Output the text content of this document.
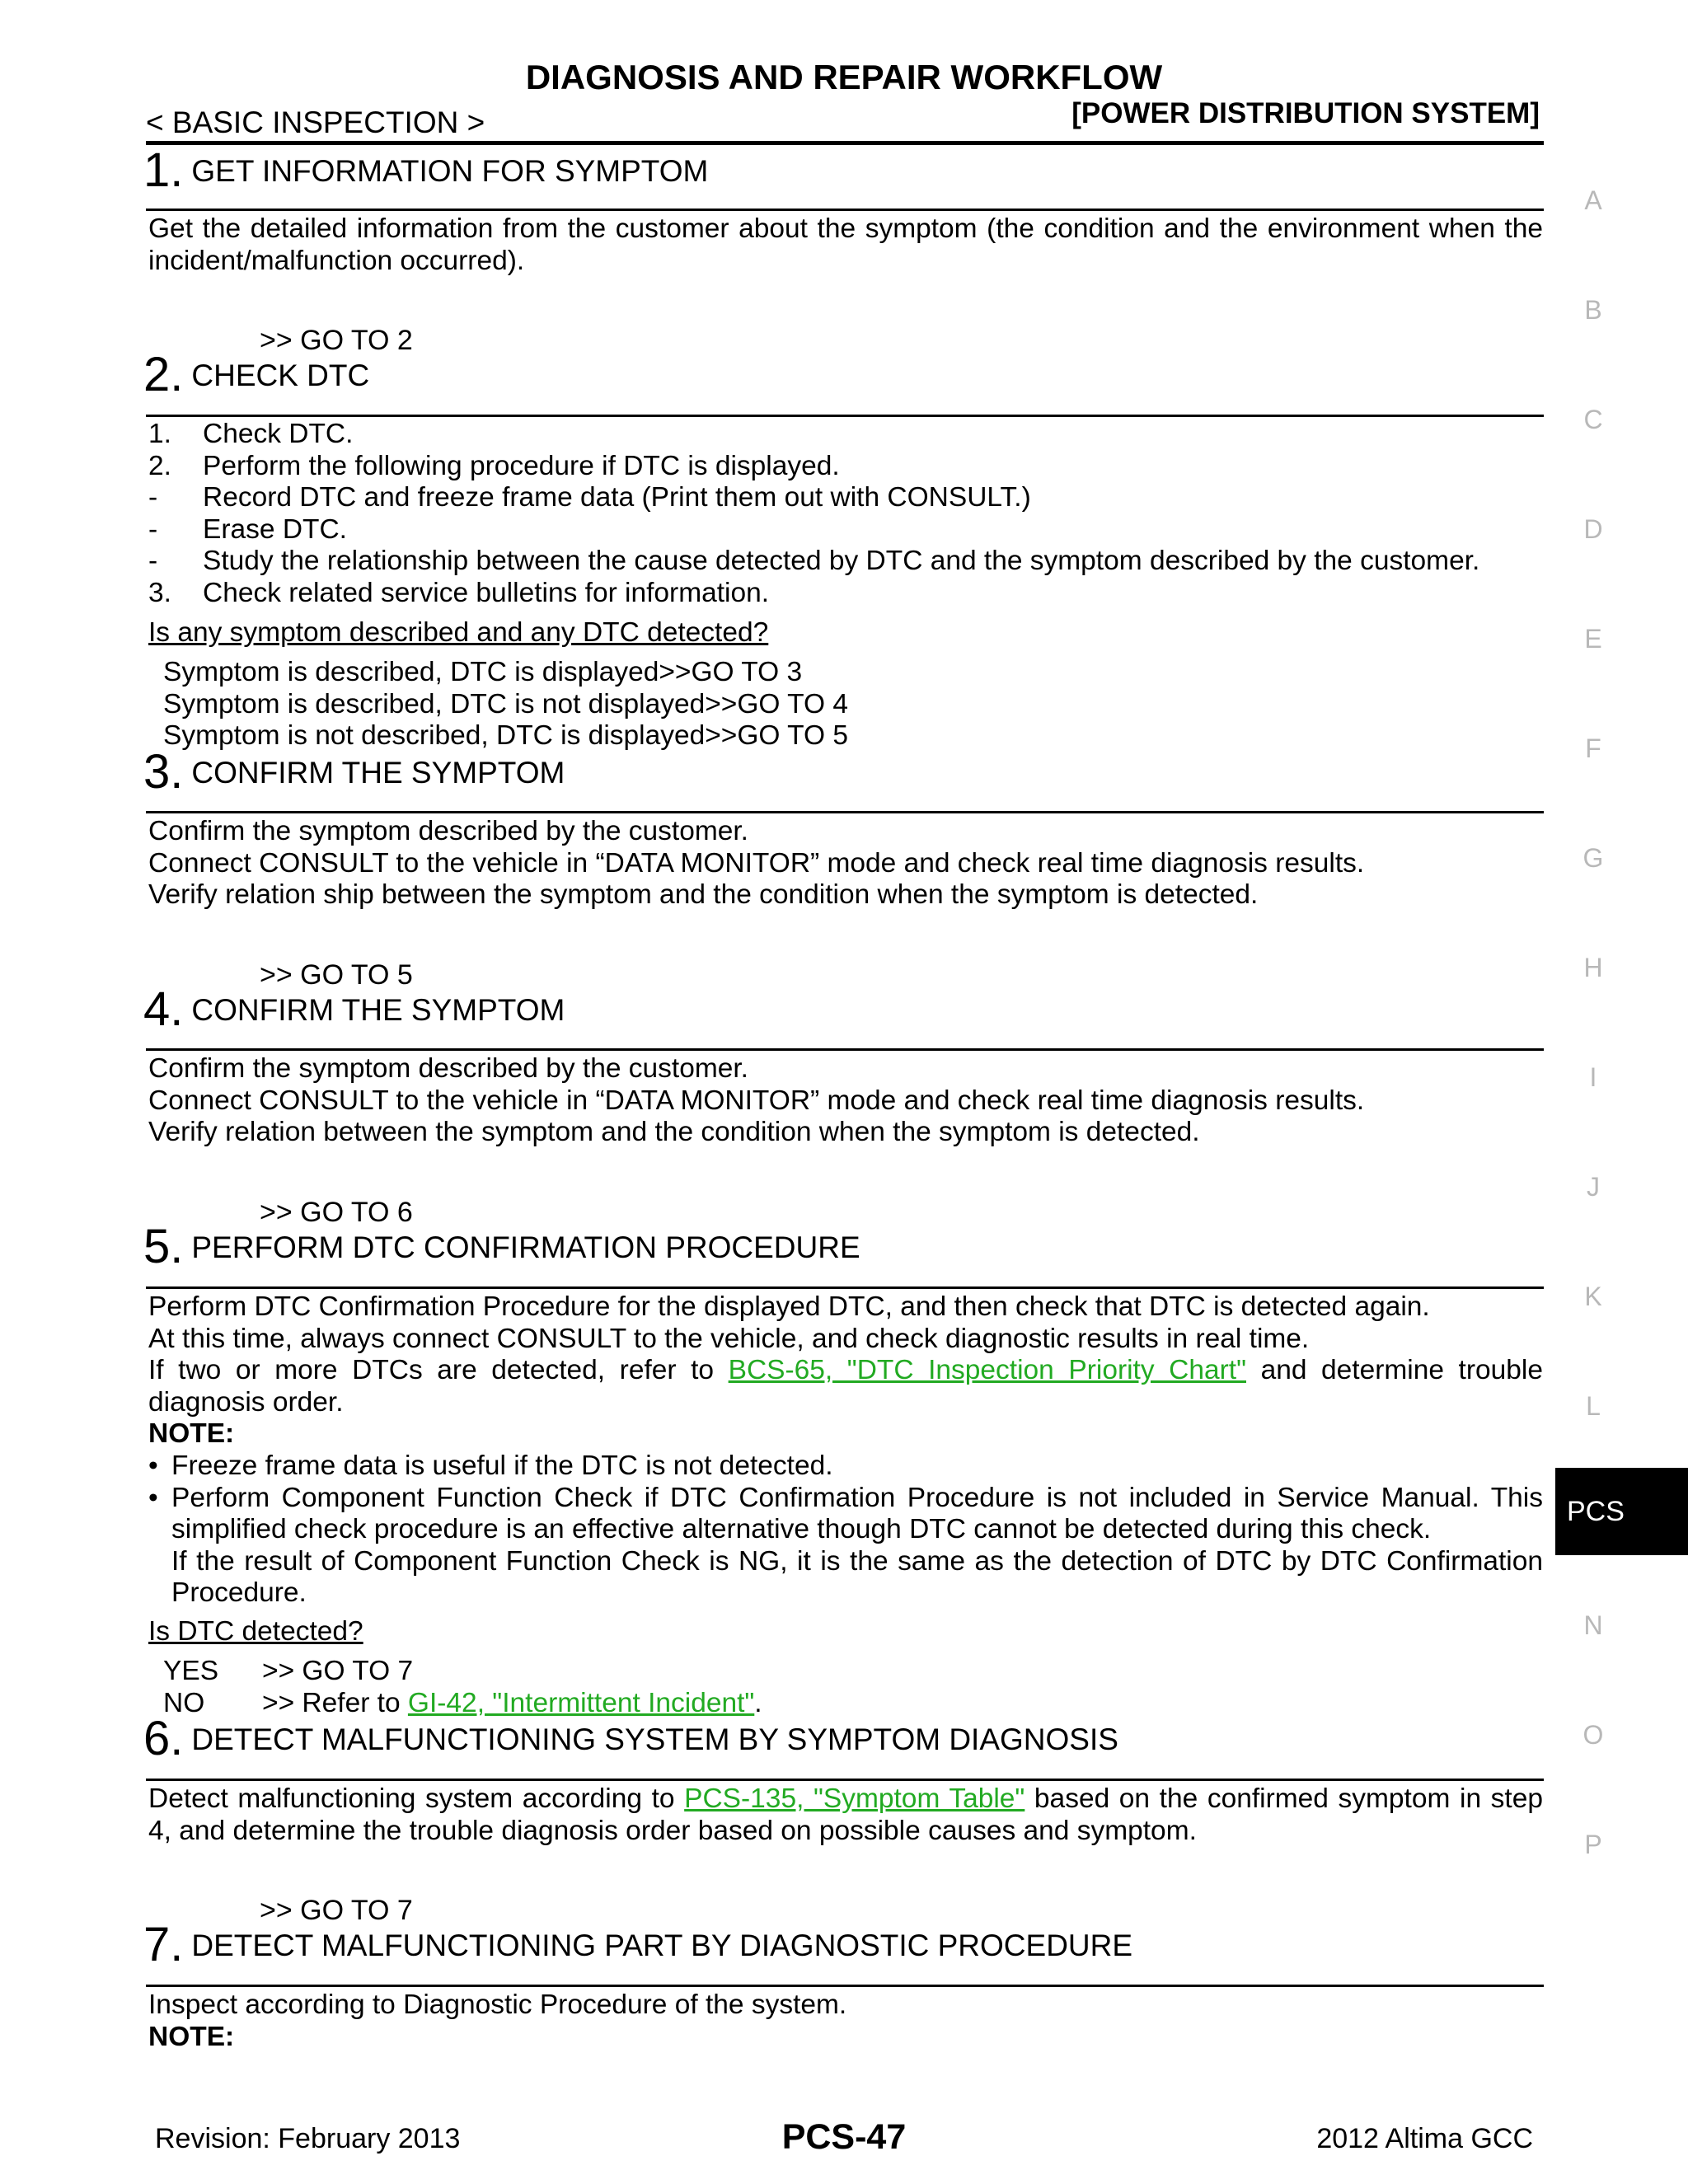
DIAGNOSIS AND REPAIR WORKFLOW
< BASIC INSPECTION >	[POWER DISTRIBUTION SYSTEM]
1. GET INFORMATION FOR SYMPTOM
Get the detailed information from the customer about the symptom (the condition and the environment when the incident/malfunction occurred).
>> GO TO 2
2. CHECK DTC
1.	Check DTC.
2.	Perform the following procedure if DTC is displayed.
-	Record DTC and freeze frame data (Print them out with CONSULT.)
-	Erase DTC.
-	Study the relationship between the cause detected by DTC and the symptom described by the customer.
3.	Check related service bulletins for information.
Is any symptom described and any DTC detected?
Symptom is described, DTC is displayed>>GO TO 3
Symptom is described, DTC is not displayed>>GO TO 4
Symptom is not described, DTC is displayed>>GO TO 5
3. CONFIRM THE SYMPTOM

Confirm the symptom described by the customer.

Connect CONSULT to the vehicle in “DATA MONITOR” mode and check real time diagnosis results.

Verify relation ship between the symptom and the condition when the symptom is detected.

>> GO TO 5
4. CONFIRM THE SYMPTOM

Confirm the symptom described by the customer.

Connect CONSULT to the vehicle in “DATA MONITOR” mode and check real time diagnosis results.

Verify relation between the symptom and the condition when the symptom is detected.

>> GO TO 6
5. PERFORM DTC CONFIRMATION PROCEDURE

Perform DTC Confirmation Procedure for the displayed DTC, and then check that DTC is detected again.

At this time, always connect CONSULT to the vehicle, and check diagnostic results in real time.

If two or more DTCs are detected, refer to BCS-65, "DTC Inspection Priority Chart" and determine trouble diagnosis order.

NOTE:

• Freeze frame data is useful if the DTC is not detected.
• Perform Component Function Check if DTC Confirmation Procedure is not included in Service Manual. This simplified check procedure is an effective alternative though DTC cannot be detected during this check.
If the result of Component Function Check is NG, it is the same as the detection of DTC by DTC Confirmation Procedure.
Is DTC detected?
YES	>> GO TO 7
NO	>> Refer to GI-42, "Intermittent Incident".
6. DETECT MALFUNCTIONING SYSTEM BY SYMPTOM DIAGNOSIS
Detect malfunctioning system according to PCS-135, "Symptom Table" based on the confirmed symptom in step 4, and determine the trouble diagnosis order based on possible causes and symptom.
>> GO TO 7
7. DETECT MALFUNCTIONING PART BY DIAGNOSTIC PROCEDURE

Inspect according to Diagnostic Procedure of the system.

NOTE:

A
B
C
D
E
F
G
H
I
J
K
L
PCS
N
O
P
Revision: February 2013	PCS-47	2012 Altima GCC
